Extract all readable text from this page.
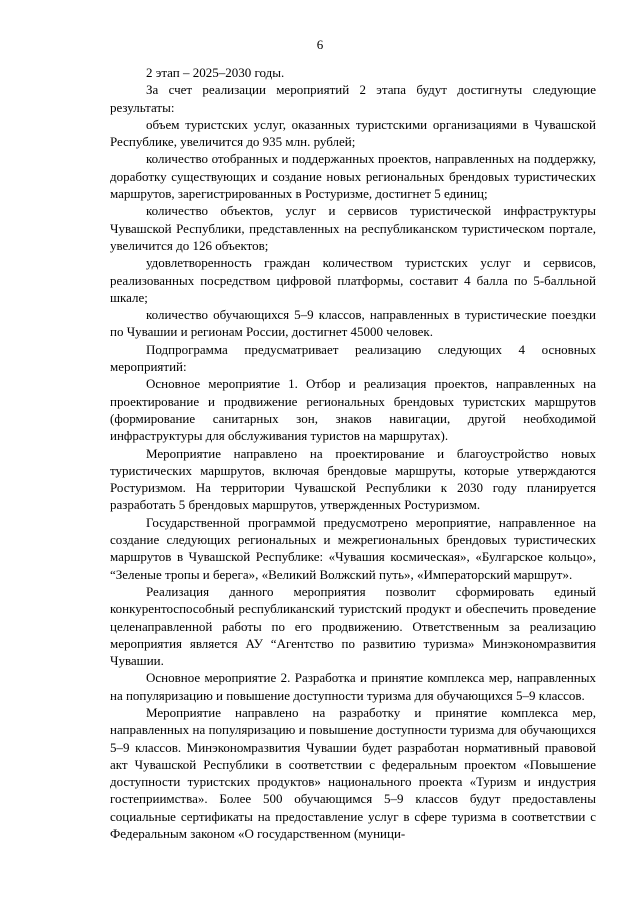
6

2 этап – 2025–2030 годы.

За счет реализации мероприятий 2 этапа будут достигнуты следующие результаты:

объем туристских услуг, оказанных туристскими организациями в Чувашской Республике, увеличится до 935 млн. рублей;

количество отобранных и поддержанных проектов, направленных на поддержку, доработку существующих и создание новых региональных брендовых туристических маршрутов, зарегистрированных в Ростуризме, достигнет 5 единиц;

количество объектов, услуг и сервисов туристической инфраструктуры Чувашской Республики, представленных на республиканском туристическом портале, увеличится до 126 объектов;

удовлетворенность граждан количеством туристских услуг и сервисов, реализованных посредством цифровой платформы, составит 4 балла по 5-балльной шкале;

количество обучающихся 5–9 классов, направленных в туристические поездки по Чувашии и регионам России, достигнет 45000 человек.

Подпрограмма предусматривает реализацию следующих 4 основных мероприятий:

Основное мероприятие 1. Отбор и реализация проектов, направленных на проектирование и продвижение региональных брендовых туристских маршрутов (формирование санитарных зон, знаков навигации, другой необходимой инфраструктуры для обслуживания туристов на маршрутах).

Мероприятие направлено на проектирование и благоустройство новых туристических маршрутов, включая брендовые маршруты, которые утверждаются Ростуризмом. На территории Чувашской Республики к 2030 году планируется разработать 5 брендовых маршрутов, утвержденных Ростуризмом.

Государственной программой предусмотрено мероприятие, направленное на создание следующих региональных и межрегиональных брендовых туристических маршрутов в Чувашской Республике: «Чувашия космическая», «Булгарское кольцо», “Зеленые тропы и берега», «Великий Волжский путь», «Императорский маршрут».

Реализация данного мероприятия позволит сформировать единый конкурентоспособный республиканский туристский продукт и обеспечить проведение целенаправленной работы по его продвижению. Ответственным за реализацию мероприятия является АУ “Агентство по развитию туризма» Минэкономразвития Чувашии.

Основное мероприятие 2. Разработка и принятие комплекса мер, направленных на популяризацию и повышение доступности туризма для обучающихся 5–9 классов.

Мероприятие направлено на разработку и принятие комплекса мер, направленных на популяризацию и повышение доступности туризма для обучающихся 5–9 классов. Минэкономразвития Чувашии будет разработан нормативный правовой акт Чувашской Республики в соответствии с федеральным проектом «Повышение доступности туристских продуктов» национального проекта «Туризм и индустрия гостеприимства». Более 500 обучающимся 5–9 классов будут предоставлены социальные сертификаты на предоставление услуг в сфере туризма в соответствии с Федеральным законом «О государственном (муници-
